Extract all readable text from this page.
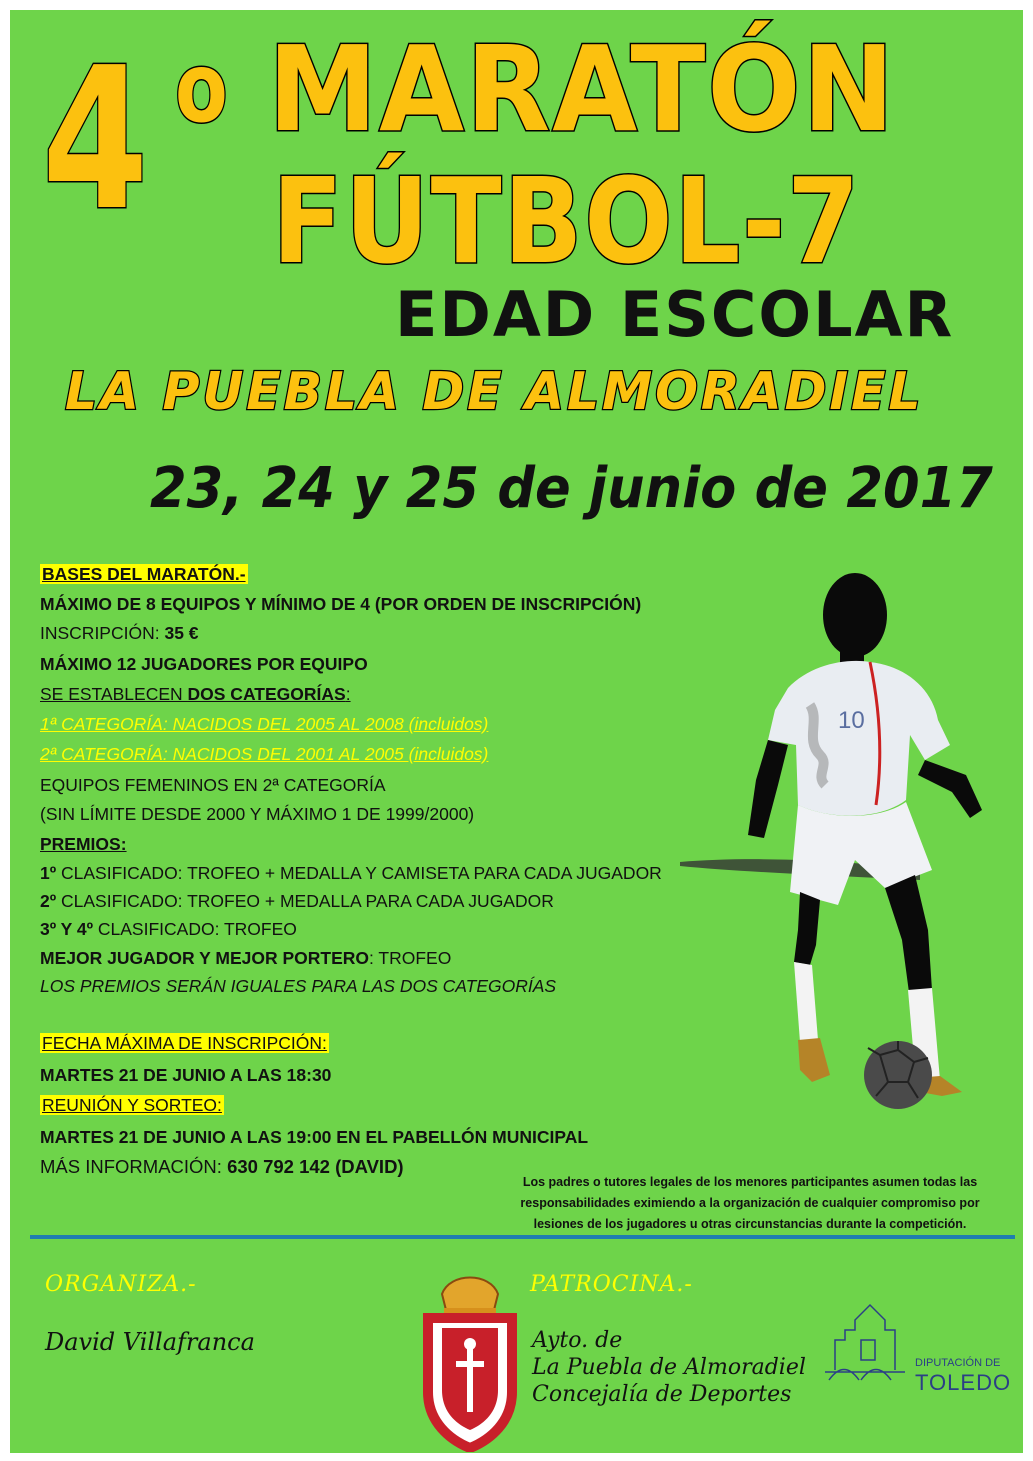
4 o MARATÓN
FÚTBOL-7
EDAD ESCOLAR
LA PUEBLA DE ALMORADIEL
23, 24 y 25 de junio de 2017
BASES DEL MARATÓN.-
MÁXIMO DE 8 EQUIPOS Y MÍNIMO DE 4 (POR ORDEN DE INSCRIPCIÓN)
INSCRIPCIÓN: 35 €
MÁXIMO 12 JUGADORES POR EQUIPO
SE ESTABLECEN DOS CATEGORÍAS:
1ª CATEGORÍA: NACIDOS DEL 2005 AL 2008 (incluidos)
2ª CATEGORÍA: NACIDOS DEL 2001 AL 2005 (incluidos)
EQUIPOS FEMENINOS EN 2ª CATEGORÍA
(SIN LÍMITE DESDE 2000 Y MÁXIMO 1 DE 1999/2000)
PREMIOS:
1º CLASIFICADO: TROFEO + MEDALLA Y CAMISETA PARA CADA JUGADOR
2º CLASIFICADO: TROFEO + MEDALLA PARA CADA JUGADOR
3º Y 4º CLASIFICADO: TROFEO
MEJOR JUGADOR Y MEJOR PORTERO: TROFEO
LOS PREMIOS SERÁN IGUALES PARA LAS DOS CATEGORÍAS
FECHA MÁXIMA DE INSCRIPCIÓN:
MARTES 21 DE JUNIO A LAS 18:30
REUNIÓN Y SORTEO:
MARTES 21 DE JUNIO A LAS 19:00 EN EL PABELLÓN MUNICIPAL
MÁS INFORMACIÓN: 630 792 142 (DAVID)
Los padres o tutores legales de los menores participantes asumen todas las
responsabilidades eximiendo a la organización de cualquier compromiso por
lesiones de los jugadores u otras circunstancias durante la competición.
10
ORGANIZA.-
David Villafranca
PATROCINA.-
Ayto. de
La Puebla de Almoradiel
Concejalía de Deportes
DIPUTACIÓN DE
TOLEDO
